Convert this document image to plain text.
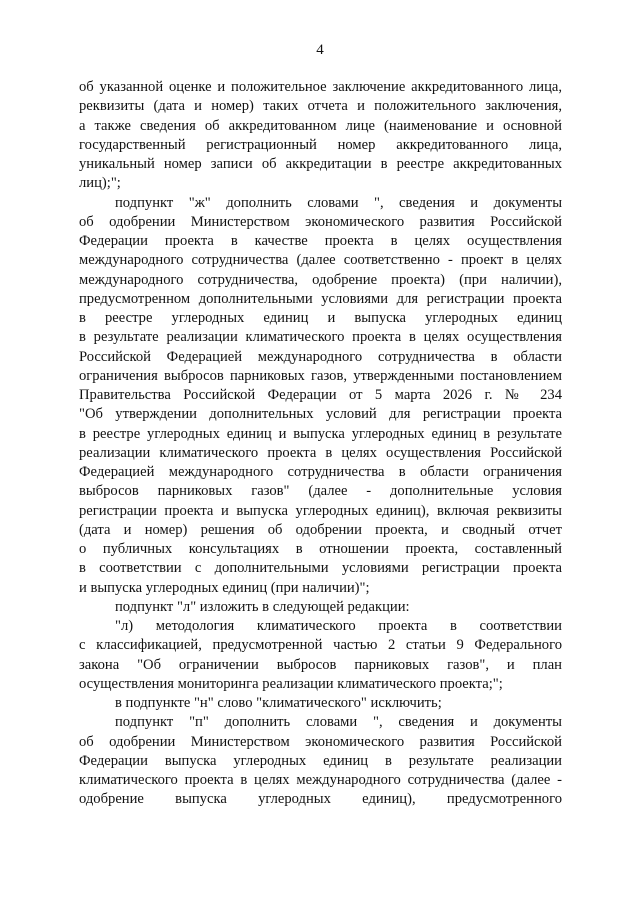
4
об указанной оценке и положительное заключение аккредитованного лица,
реквизиты (дата и номер) таких отчета и положительного заключения,
а также сведения об аккредитованном лице (наименование и основной
государственный регистрационный номер аккредитованного лица,
уникальный номер записи об аккредитации в реестре аккредитованных
лиц);";
подпункт "ж" дополнить словами ", сведения и документы
об одобрении Министерством экономического развития Российской
Федерации проекта в качестве проекта в целях осуществления
международного сотрудничества (далее соответственно - проект в целях
международного сотрудничества, одобрение проекта) (при наличии),
предусмотренном дополнительными условиями для регистрации проекта
в реестре углеродных единиц и выпуска углеродных единиц
в результате реализации климатического проекта в целях осуществления
Российской Федерацией международного сотрудничества в области
ограничения выбросов парниковых газов, утвержденными постановлением
Правительства Российской Федерации от 5 марта 2026 г. № 234
"Об утверждении дополнительных условий для регистрации проекта
в реестре углеродных единиц и выпуска углеродных единиц в результате
реализации климатического проекта в целях осуществления Российской
Федерацией международного сотрудничества в области ограничения
выбросов парниковых газов" (далее - дополнительные условия
регистрации проекта и выпуска углеродных единиц), включая реквизиты
(дата и номер) решения об одобрении проекта, и сводный отчет
о публичных консультациях в отношении проекта, составленный
в соответствии с дополнительными условиями регистрации проекта
и выпуска углеродных единиц (при наличии)";
подпункт "л" изложить в следующей редакции:
"л) методология климатического проекта в соответствии
с классификацией, предусмотренной частью 2 статьи 9 Федерального
закона "Об ограничении выбросов парниковых газов", и план
осуществления мониторинга реализации климатического проекта;";
в подпункте "н" слово "климатического" исключить;
подпункт "п" дополнить словами ", сведения и документы
об одобрении Министерством экономического развития Российской
Федерации выпуска углеродных единиц в результате реализации
климатического проекта в целях международного сотрудничества (далее -
одобрение выпуска углеродных единиц), предусмотренного
